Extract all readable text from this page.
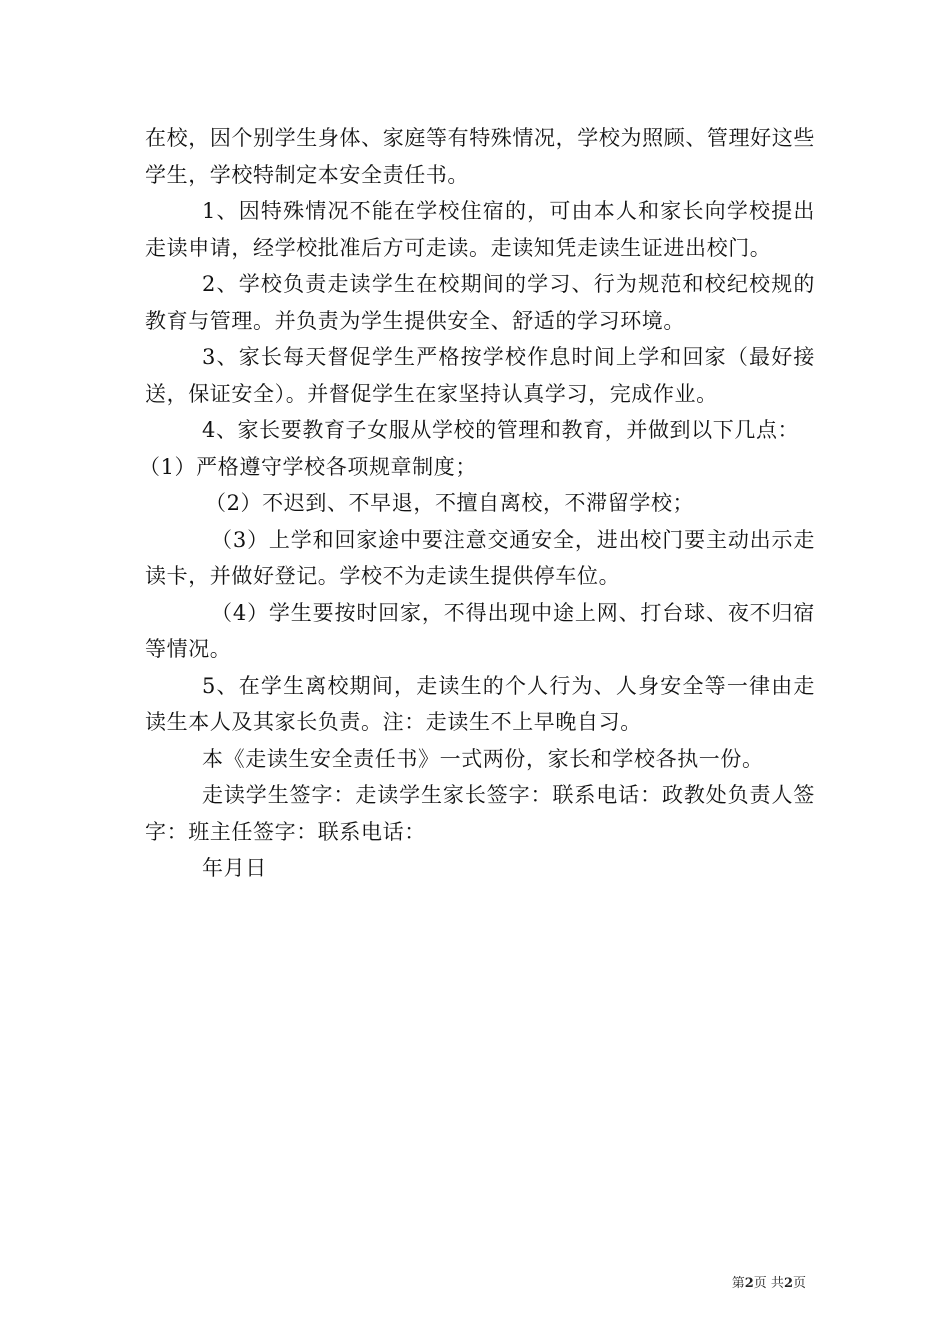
在校，因个别学生身体、家庭等有特殊情况，学校为照顾、管理好这些学生，学校特制定本安全责任书。

1、因特殊情况不能在学校住宿的，可由本人和家长向学校提出走读申请，经学校批准后方可走读。走读知凭走读生证进出校门。

2、学校负责走读学生在校期间的学习、行为规范和校纪校规的教育与管理。并负责为学生提供安全、舒适的学习环境。

3、家长每天督促学生严格按学校作息时间上学和回家（最好接送，保证安全）。并督促学生在家坚持认真学习，完成作业。

4、家长要教育子女服从学校的管理和教育，并做到以下几点：

（1）严格遵守学校各项规章制度；

（2）不迟到、不早退，不擅自离校，不滞留学校；

（3）上学和回家途中要注意交通安全，进出校门要主动出示走读卡，并做好登记。学校不为走读生提供停车位。

（4）学生要按时回家，不得出现中途上网、打台球、夜不归宿等情况。

5、在学生离校期间，走读生的个人行为、人身安全等一律由走读生本人及其家长负责。注：走读生不上早晚自习。

本《走读生安全责任书》一式两份，家长和学校各执一份。

走读学生签字：走读学生家长签字：联系电话：政教处负责人签字：班主任签字：联系电话：

年月日

第2页 共2页
